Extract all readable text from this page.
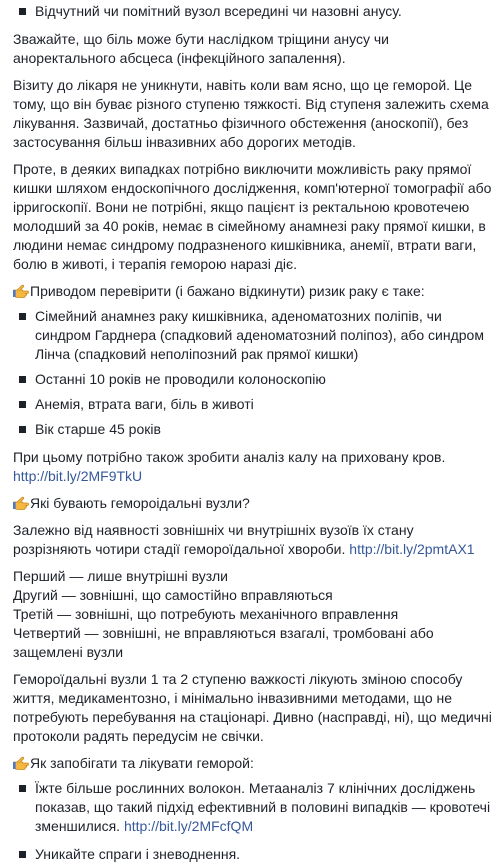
Відчутний чи помітний вузол всередині чи назовні анусу.

Зважайте, що біль може бути наслідком тріщини анусу чи аноректального абсцеса (інфекційного запалення).

Візиту до лікаря не уникнути, навіть коли вам ясно, що це геморой. Це тому, що він буває різного ступеню тяжкості. Від ступеня залежить схема лікування. Зазвичай, достатньо фізичного обстеження (аноскопії), без застосування більш інвазивних або дорогих методів.

Проте, в деяких випадках потрібно виключити можливість раку прямої кишки шляхом ендоскопічного дослідження, комп'ютерної томографії або ірригоскопії. Вони не потрібні, якщо пацієнт із ректальною кровотечею молодший за 40 років, немає в сімейному анамнезі раку прямої кишки, в людини немає синдрому подразненого кишківника, анемії, втрати ваги, болю в животі, і терапія геморою наразі діє.

Приводом перевірити (і бажано відкинути) ризик раку є таке:

Сімейний анамнез раку кишківника, аденоматозних поліпів, чи синдром Гарднера (спадковий аденоматозний поліпоз), або синдром Лінча (спадковий неполіпозний рак прямої кишки)
Останні 10 років не проводили колоноскопію
Анемія, втрата ваги, біль в животі
Вік старше 45 років

При цьому потрібно також зробити аналіз калу на приховану кров.
http://bit.ly/2MF9TkU

Які бувають геморoідальні вузли?

Залежно від наявності зовнішніх чи внутрішніх вузоїв їх стану розрізняють чотири стадії гемороїдальної хвороби. http://bit.ly/2pmtAX1

Перший — лише внутрішні вузли
Другий — зовнішні, що самостійно вправляються
Третій — зовнішні, що потребують механічного вправлення
Четвертий — зовнішні, не вправляються взагалі, тромбовані або защемлені вузли

Гемороїдальні вузли 1 та 2 ступеню важкості лікують зміною способу життя, медикаментозно, і мінімально інвазивними методами, що не потребують перебування на стаціонарі. Дивно (насправді, ні), що медичні протоколи радять передусім не свічки.

Як запобігати та лікувати геморой:

Їжте більше рослинних волокон. Метааналіз 7 клінічних досліджень показав, що такий підхід ефективний в половині випадків — кровотечі зменшилися. http://bit.ly/2MFcfQM
Уникайте спраги і зневоднення.
